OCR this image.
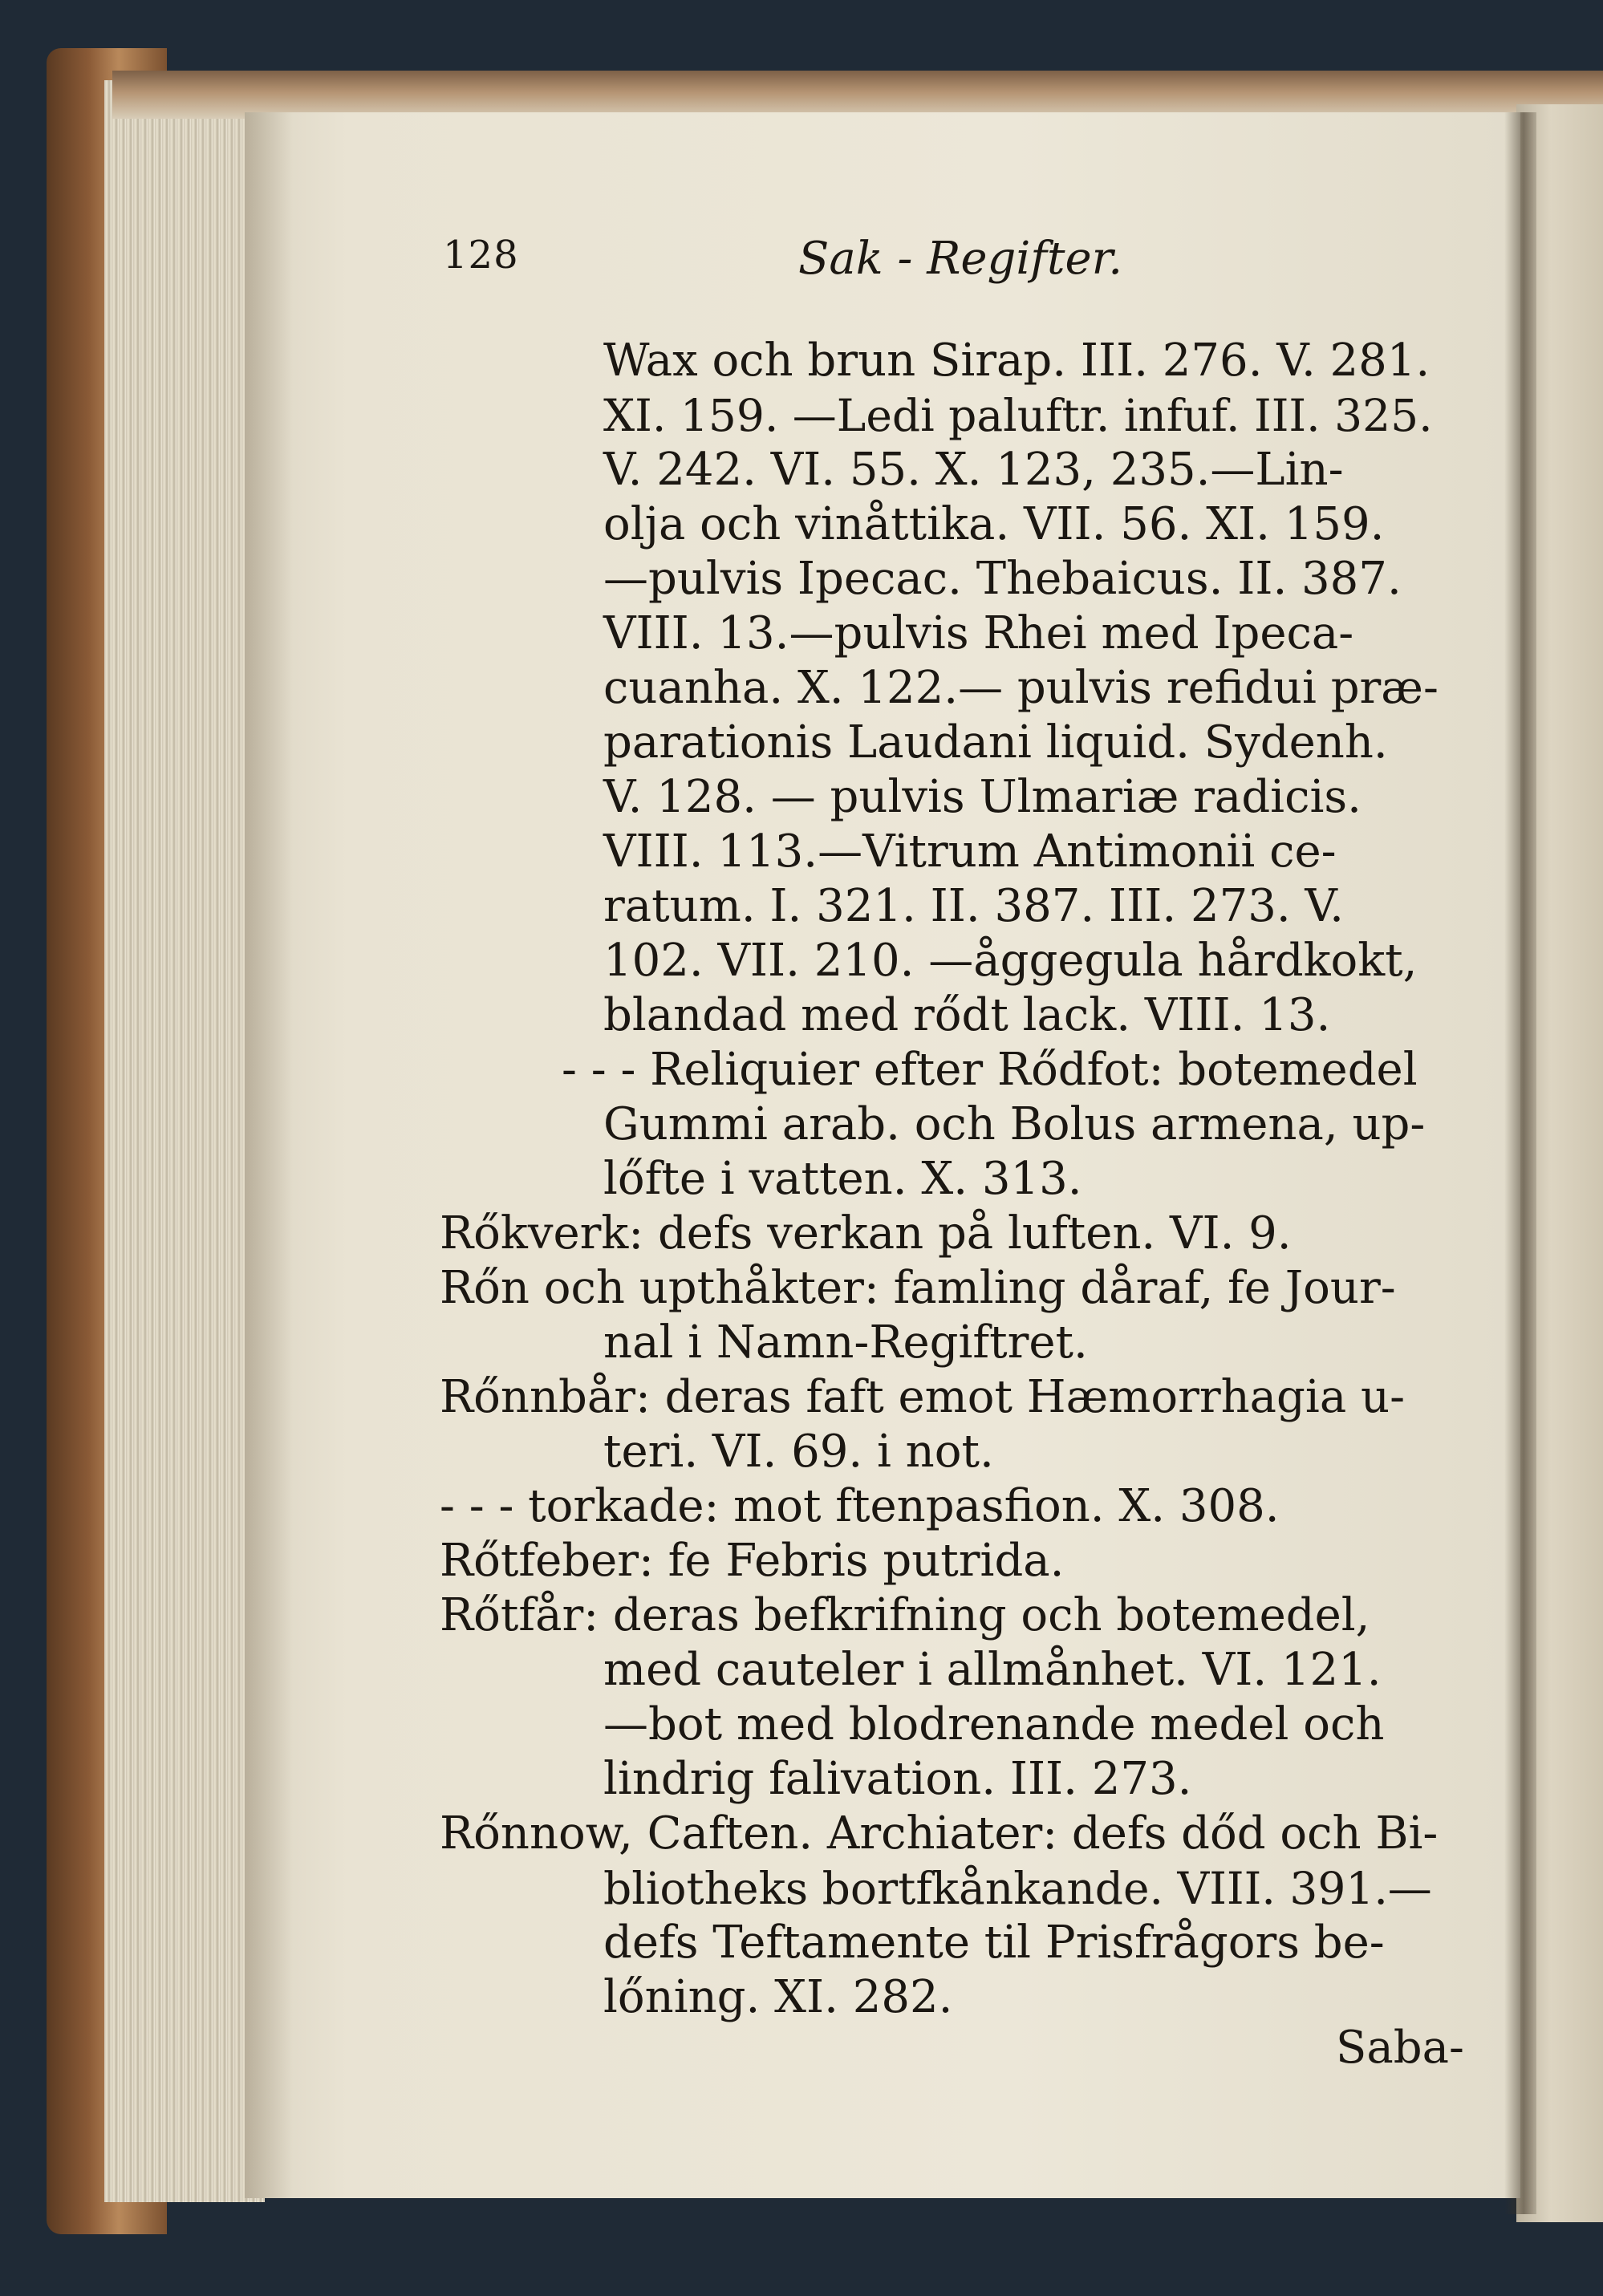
128	Sak - Regifter.
Wax och brun Sirap. III. 276. V. 281.
XI. 159. —Ledi paluftr. infuf. III. 325.
V. 242. VI. 55. X. 123, 235.—Lin-
olja och vinåttika. VII. 56. XI. 159.
—pulvis Ipecac. Thebaicus. II. 387.
VIII. 13.—pulvis Rhei med Ipeca-
cuanha. X. 122.— pulvis refidui præ-
parationis Laudani liquid. Sydenh.
V. 128. — pulvis Ulmariæ radicis.
VIII. 113.—Vitrum Antimonii ce-
ratum. I. 321. II. 387. III. 273. V.
102. VII. 210. —åggegula hårdkokt,
blandad med rődt lack. VIII. 13.
- - - Reliquier efter Rődfot: botemedel
Gummi arab. och Bolus armena, up-
lőfte i vatten. X. 313.
Rőkverk: defs verkan på luften. VI. 9.
Rőn och upthåkter: famling dåraf, fe Jour-
nal i Namn-Regiftret.
Rőnnbår: deras faft emot Hæmorrhagia u-
teri. VI. 69. i not.
- - - torkade: mot ftenpasfion. X. 308.
Rőtfeber: fe Febris putrida.
Rőtfår: deras befkrifning och botemedel,
med cauteler i allmånhet. VI. 121.
—bot med blodrenande medel och
lindrig falivation. III. 273.
Rőnnow, Caften. Archiater: defs dőd och Bi-
bliotheks bortfkånkande. VIII. 391.—
defs Teftamente til Prisfrågors be-
lőning. XI. 282.
Saba-
